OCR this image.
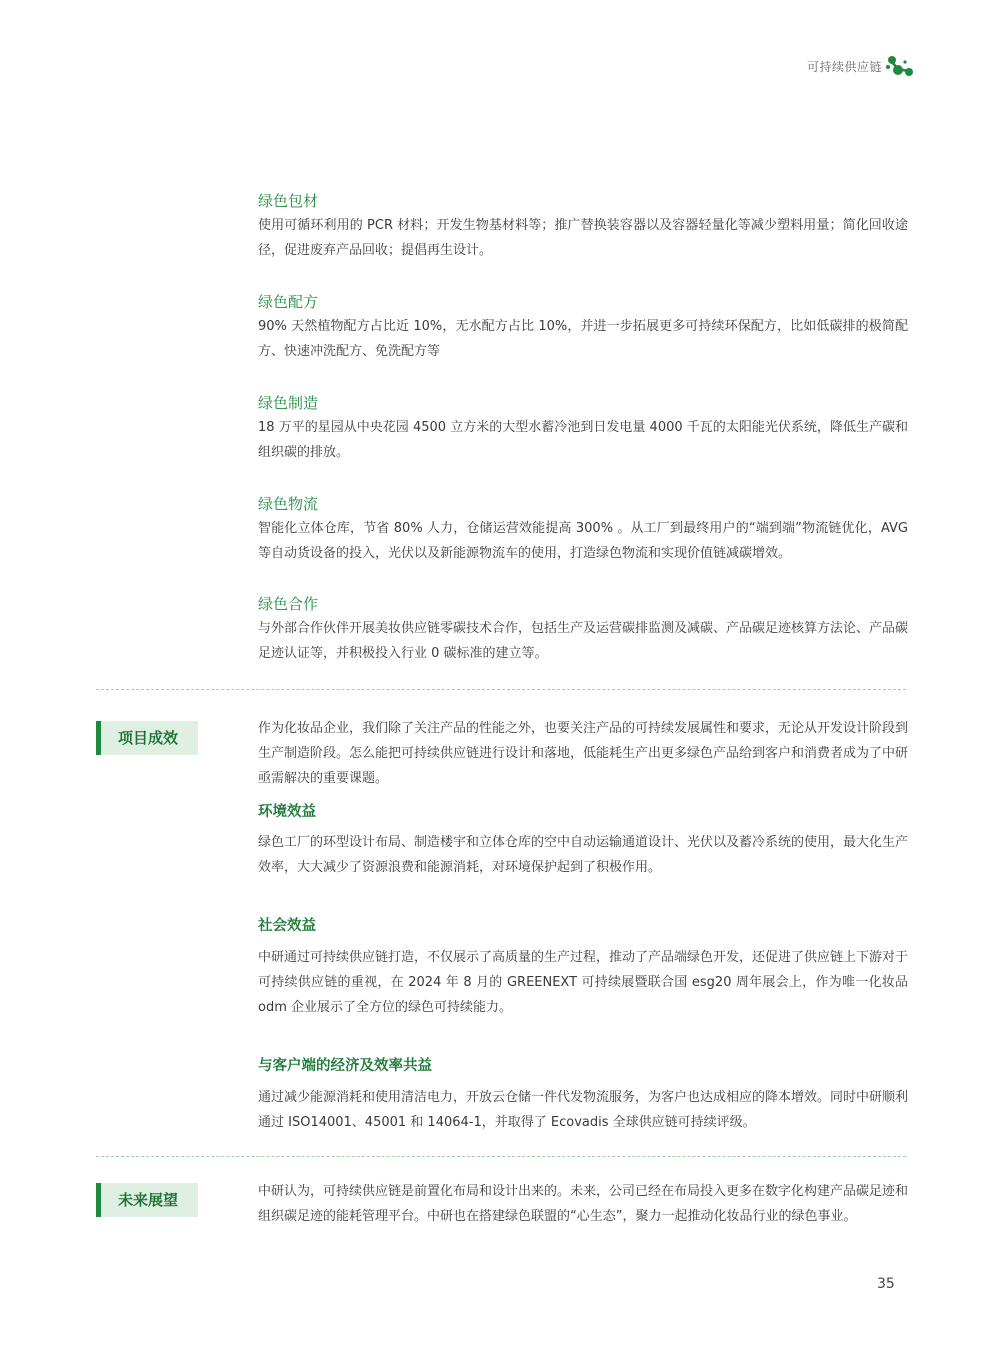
可持续供应链
绿色包材
使用可循环利用的 PCR 材料；开发生物基材料等；推广替换装容器以及容器轻量化等减少塑料用量；简化回收途径，促进废弃产品回收；提倡再生设计。
绿色配方
90% 天然植物配方占比近 10%，无水配方占比 10%，并进一步拓展更多可持续环保配方，比如低碳排的极简配方、快速冲洗配方、免洗配方等
绿色制造
18 万平的星园从中央花园 4500 立方米的大型水蓄冷池到日发电量 4000 千瓦的太阳能光伏系统，降低生产碳和组织碳的排放。
绿色物流
智能化立体仓库，节省 80% 人力，仓储运营效能提高 300% 。从工厂到最终用户的“端到端”物流链优化，AVG 等自动货设备的投入，光伏以及新能源物流车的使用，打造绿色物流和实现价值链减碳增效。
绿色合作
与外部合作伙伴开展美妆供应链零碳技术合作，包括生产及运营碳排监测及减碳、产品碳足迹核算方法论、产品碳足迹认证等，并积极投入行业 0 碳标准的建立等。
项目成效
作为化妆品企业，我们除了关注产品的性能之外，也要关注产品的可持续发展属性和要求，无论从开发设计阶段到生产制造阶段。怎么能把可持续供应链进行设计和落地，低能耗生产出更多绿色产品给到客户和消费者成为了中研亟需解决的重要课题。
环境效益
绿色工厂的环型设计布局、制造楼宇和立体仓库的空中自动运输通道设计、光伏以及蓄冷系统的使用，最大化生产效率，大大减少了资源浪费和能源消耗，对环境保护起到了积极作用。
社会效益
中研通过可持续供应链打造，不仅展示了高质量的生产过程，推动了产品端绿色开发，还促进了供应链上下游对于可持续供应链的重视，在 2024 年 8 月的 GREENEXT 可持续展暨联合国 esg20 周年展会上，作为唯一化妆品 odm 企业展示了全方位的绿色可持续能力。
与客户端的经济及效率共益
通过减少能源消耗和使用清洁电力，开放云仓储一件代发物流服务，为客户也达成相应的降本增效。同时中研顺利通过 ISO14001、45001 和 14064-1，并取得了 Ecovadis 全球供应链可持续评级。
未来展望	中研认为，可持续供应链是前置化布局和设计出来的。未来，公司已经在布局投入更多在数字化构建产品碳足迹和组织碳足迹的能耗管理平台。中研也在搭建绿色联盟的“心生态”，聚力一起推动化妆品行业的绿色事业。
35
